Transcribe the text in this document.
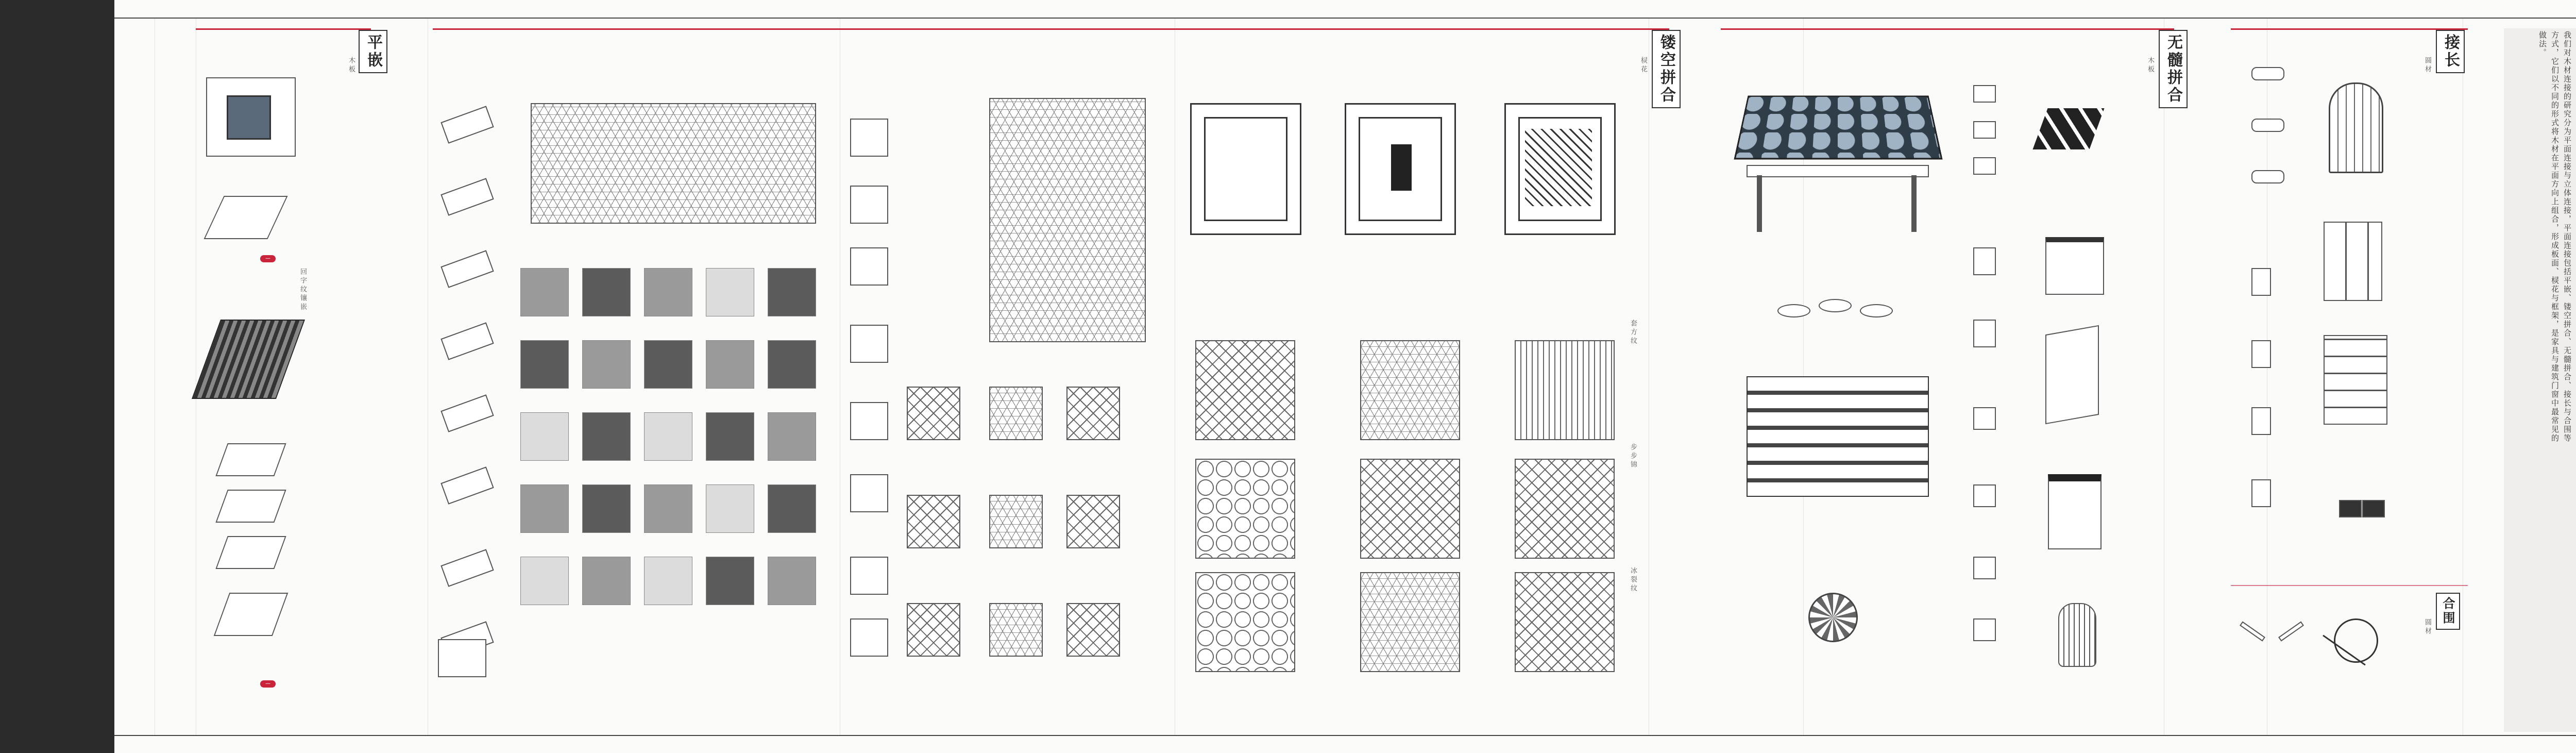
平嵌
木板
回字纹镶嵌
—
—
镂空拼合
棂花
套方纹
步步锦
冰裂纹
无髓拼合
木板	接长
圆材
合围
圆材
我们对木材连接的研究分为平面连接与立体连接，平面连接包括平嵌、镂空拼合、无髓拼合、接长与合围等方式，它们以不同的形式将木材在平面方向上组合，形成板面、棂花与框架，是家具与建筑门窗中最常见的做法。
